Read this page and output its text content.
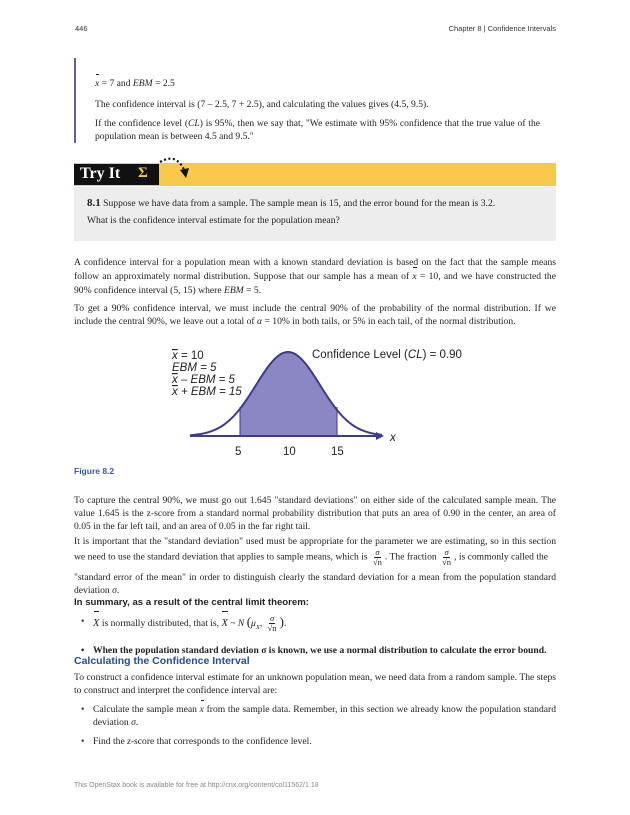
446	Chapter 8 | Confidence Intervals

x = 7 and EBM = 2.5

The confidence interval is (7 – 2.5, 7 + 2.5), and calculating the values gives (4.5, 9.5).

If the confidence level (CL) is 95%, then we say that, "We estimate with 95% confidence that the true value of the population mean is between 4.5 and 9.5."

Try It Σ

8.1 Suppose we have data from a sample. The sample mean is 15, and the error bound for the mean is 3.2.

What is the confidence interval estimate for the population mean?

A confidence interval for a population mean with a known standard deviation is based on the fact that the sample means follow an approximately normal distribution. Suppose that our sample has a mean of x = 10, and we have constructed the 90% confidence interval (5, 15) where EBM = 5.

To get a 90% confidence interval, we must include the central 90% of the probability of the normal distribution. If we include the central 90%, we leave out a total of α = 10% in both tails, or 5% in each tail, of the normal distribution.

x
5	10	15
x = 10
EBM = 5
x – EBM = 5
x + EBM = 15
Confidence Level (CL) = 0.90
Figure 8.2

To capture the central 90%, we must go out 1.645 "standard deviations" on either side of the calculated sample mean. The value 1.645 is the z-score from a standard normal probability distribution that puts an area of 0.90 in the center, an area of 0.05 in the far left tail, and an area of 0.05 in the far right tail.

It is important that the "standard deviation" used must be appropriate for the parameter we are estimating, so in this section we need to use the standard deviation that applies to sample means, which is $\frac{\sigma}{√n}$ . The fraction $\frac{\sigma}{√n}$ , is commonly called the

"standard error of the mean" in order to distinguish clearly the standard deviation for a mean from the population standard deviation σ.

In summary, as a result of the central limit theorem:
• X is normally distributed, that is, X ~ N ($\mu_X$, $\frac{\sigma}{√n}$ ).
• When the population standard deviation σ is known, we use a normal distribution to calculate the error bound.
Calculating the Confidence Interval

To construct a confidence interval estimate for an unknown population mean, we need data from a random sample. The steps to construct and interpret the confidence interval are:

• Calculate the sample mean x from the sample data. Remember, in this section we already know the population standard deviation σ.
• Find the z-score that corresponds to the confidence level.
This OpenStax book is available for free at http://cnx.org/content/col11562/1.18
